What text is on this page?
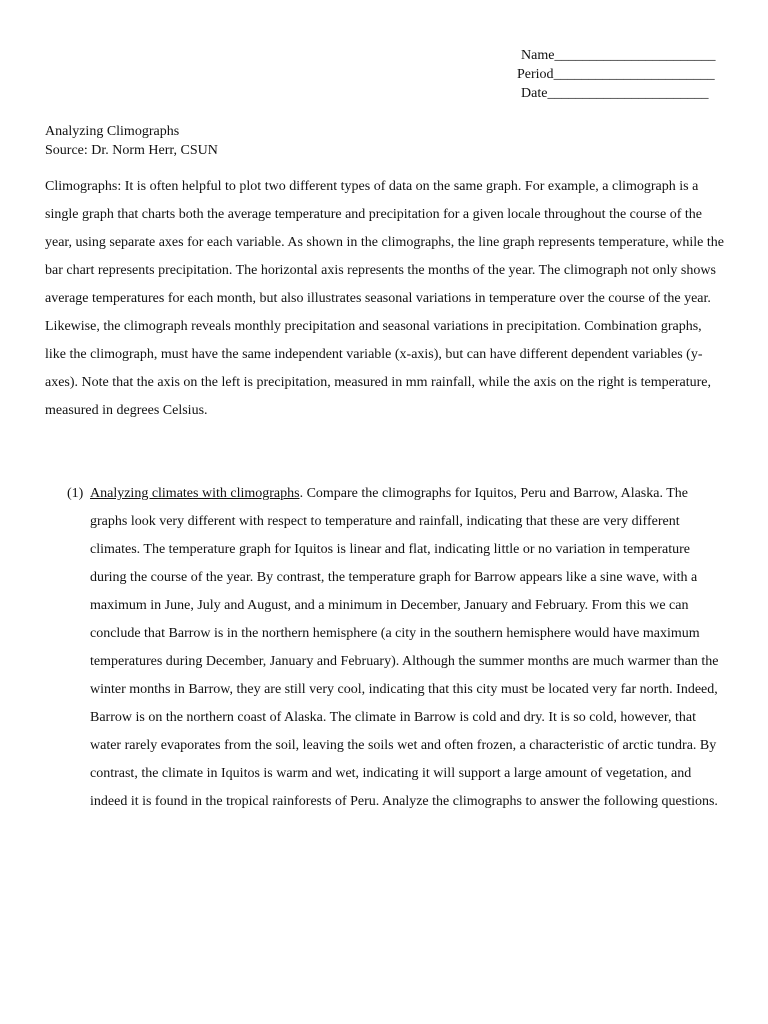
Name_______________________
Period_______________________
Date_______________________
Analyzing Climographs
Source: Dr. Norm Herr, CSUN

Climographs: It is often helpful to plot two different types of data on the same graph. For example, a climograph is a single graph that charts both the average temperature and precipitation for a given locale throughout the course of the year, using separate axes for each variable. As shown in the climographs, the line graph represents temperature, while the bar chart represents precipitation. The horizontal axis represents the months of the year. The climograph not only shows average temperatures for each month, but also illustrates seasonal variations in temperature over the course of the year. Likewise, the climograph reveals monthly precipitation and seasonal variations in precipitation. Combination graphs, like the climograph, must have the same independent variable (x-axis), but can have different dependent variables (y-axes). Note that the axis on the left is precipitation, measured in mm rainfall, while the axis on the right is temperature, measured in degrees Celsius.

(1) Analyzing climates with climographs. Compare the climographs for Iquitos, Peru and Barrow, Alaska. The graphs look very different with respect to temperature and rainfall, indicating that these are very different climates. The temperature graph for Iquitos is linear and flat, indicating little or no variation in temperature during the course of the year. By contrast, the temperature graph for Barrow appears like a sine wave, with a maximum in June, July and August, and a minimum in December, January and February. From this we can conclude that Barrow is in the northern hemisphere (a city in the southern hemisphere would have maximum temperatures during December, January and February). Although the summer months are much warmer than the winter months in Barrow, they are still very cool, indicating that this city must be located very far north. Indeed, Barrow is on the northern coast of Alaska. The climate in Barrow is cold and dry. It is so cold, however, that water rarely evaporates from the soil, leaving the soils wet and often frozen, a characteristic of arctic tundra. By contrast, the climate in Iquitos is warm and wet, indicating it will support a large amount of vegetation, and indeed it is found in the tropical rainforests of Peru. Analyze the climographs to answer the following questions.
